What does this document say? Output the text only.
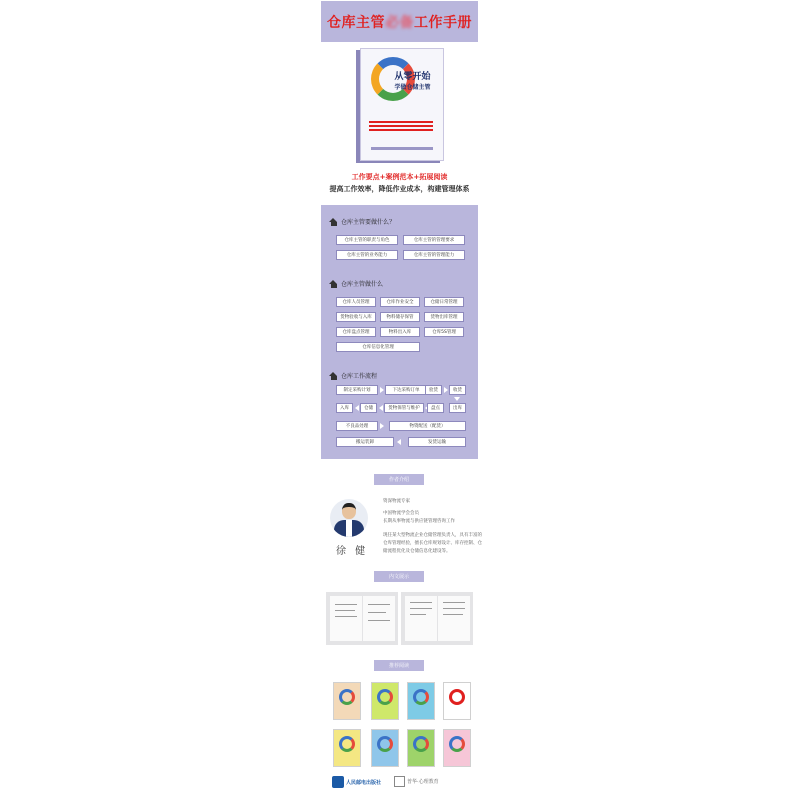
仓库主管必备工作手册
从零开始
学做仓储主管
工作要点+案例范本+拓展阅读
提高工作效率，降低作业成本，构建管理体系
仓库主管要做什么？
仓库主管的职责与角色	仓库主管的管理要求
仓库主管的业务能力	仓库主管的管理能力
仓库主管做什么
仓库人员管理	仓库作业安全	仓储日常管理
货物验收与入库	物料储存保管	货物出库管理
仓库盘点管理	物料出入库	仓库5S管理
仓库信息化管理
仓库工作流程
制定采购计划	下达采购订单	验货	收货
入库	仓储	货物保管与维护	盘点	出库
不良品处理	物资配送（配货）
搬运装卸	发货运输
作者介绍
徐 健
资深物流专家
中国物流学会会员
长期从事物流与供应链管理咨询工作
现任某大型物流企业仓储管理负责人，具有丰富的
仓库管理经验，擅长仓库规划设计、库存控制、仓
储流程优化及仓储信息化建设等。
内文展示
推荐阅读
人民邮电出版社	普华·心理教育
